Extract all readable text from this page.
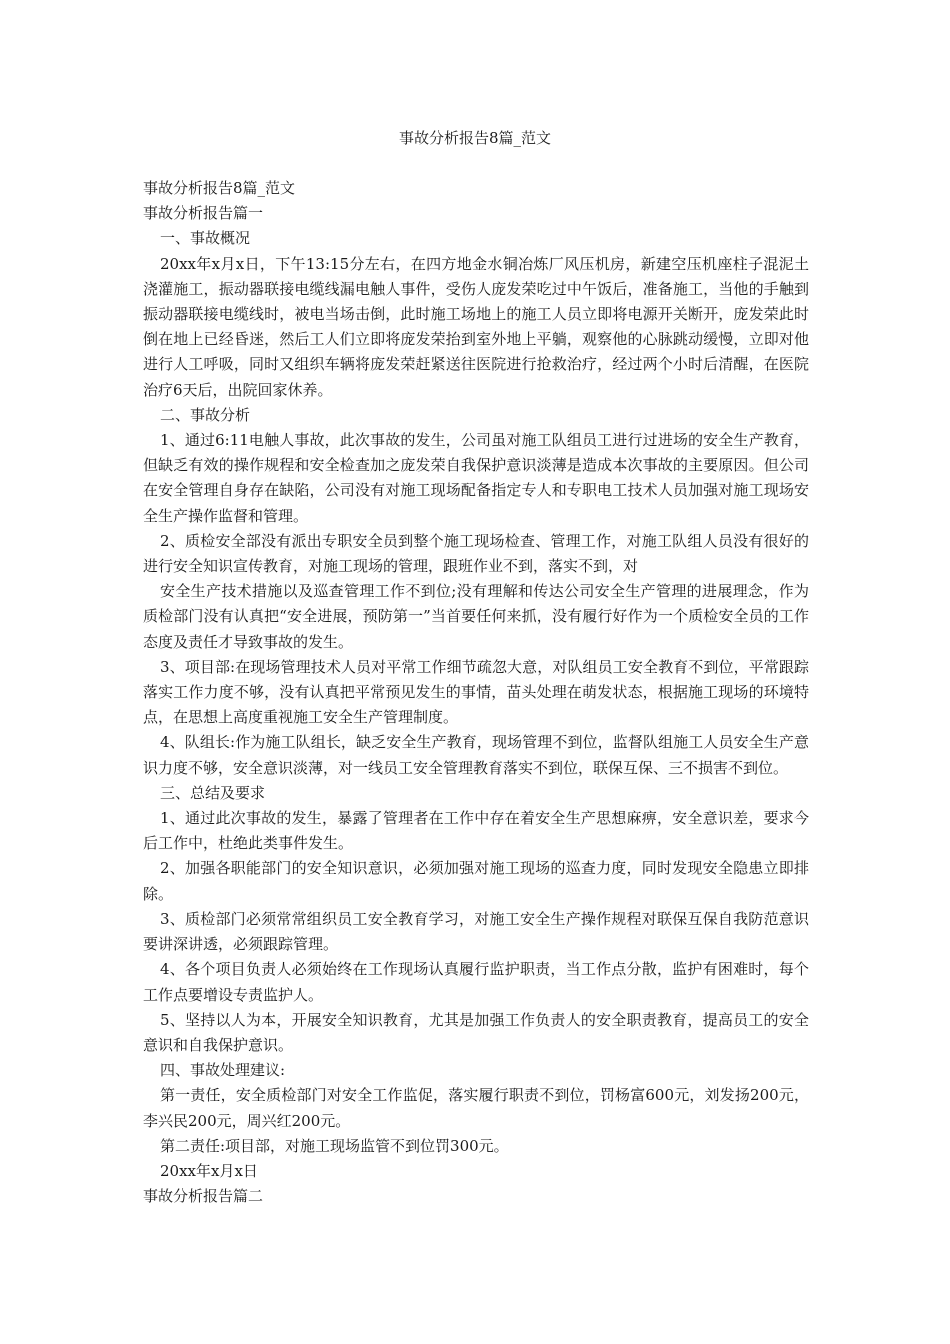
事故分析报告8篇_范文

事故分析报告8篇_范文

事故分析报告篇一

一、事故概况

20xx年x月x日，下午13:15分左右，在四方地金水铜冶炼厂风压机房，新建空压机座柱子混泥土浇灌施工，振动器联接电缆线漏电触人事件，受伤人庞发荣吃过中午饭后，准备施工，当他的手触到振动器联接电缆线时，被电当场击倒，此时施工场地上的施工人员立即将电源开关断开，庞发荣此时倒在地上已经昏迷，然后工人们立即将庞发荣抬到室外地上平躺，观察他的心脉跳动缓慢，立即对他进行人工呼吸，同时又组织车辆将庞发荣赶紧送往医院进行抢救治疗，经过两个小时后清醒，在医院治疗6天后，出院回家休养。

二、事故分析

1、通过6:11电触人事故，此次事故的发生，公司虽对施工队组员工进行过进场的安全生产教育，但缺乏有效的操作规程和安全检查加之庞发荣自我保护意识淡薄是造成本次事故的主要原因。但公司在安全管理自身存在缺陷，公司没有对施工现场配备指定专人和专职电工技术人员加强对施工现场安全生产操作监督和管理。

2、质检安全部没有派出专职安全员到整个施工现场检查、管理工作，对施工队组人员没有很好的进行安全知识宣传教育，对施工现场的管理，跟班作业不到，落实不到，对

安全生产技术措施以及巡查管理工作不到位;没有理解和传达公司安全生产管理的进展理念，作为质检部门没有认真把“安全进展，预防第一”当首要任何来抓，没有履行好作为一个质检安全员的工作态度及责任才导致事故的发生。

3、项目部:在现场管理技术人员对平常工作细节疏忽大意，对队组员工安全教育不到位，平常跟踪落实工作力度不够，没有认真把平常预见发生的事情，苗头处理在萌发状态，根据施工现场的环境特点，在思想上高度重视施工安全生产管理制度。

4、队组长:作为施工队组长，缺乏安全生产教育，现场管理不到位，监督队组施工人员安全生产意识力度不够，安全意识淡薄，对一线员工安全管理教育落实不到位，联保互保、三不损害不到位。

三、总结及要求

1、通过此次事故的发生，暴露了管理者在工作中存在着安全生产思想麻痹，安全意识差，要求今后工作中，杜绝此类事件发生。

2、加强各职能部门的安全知识意识，必须加强对施工现场的巡查力度，同时发现安全隐患立即排除。

3、质检部门必须常常组织员工安全教育学习，对施工安全生产操作规程对联保互保自我防范意识要讲深讲透，必须跟踪管理。

4、各个项目负责人必须始终在工作现场认真履行监护职责，当工作点分散，监护有困难时，每个工作点要增设专责监护人。

5、坚持以人为本，开展安全知识教育，尤其是加强工作负责人的安全职责教育，提高员工的安全意识和自我保护意识。

四、事故处理建议:

第一责任，安全质检部门对安全工作监促，落实履行职责不到位，罚杨富600元，刘发扬200元，李兴民200元，周兴红200元。

第二责任:项目部，对施工现场监管不到位罚300元。

20xx年x月x日

事故分析报告篇二
